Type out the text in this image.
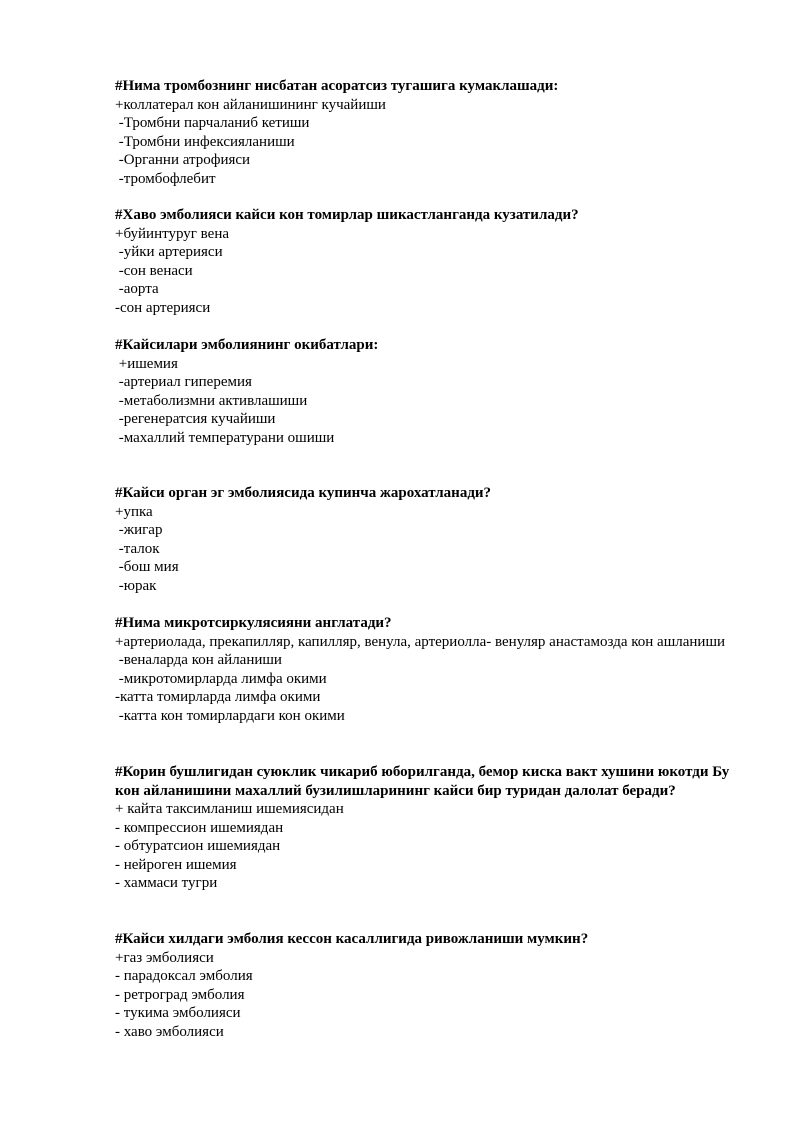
#Нима тромбознинг нисбатан асоратсиз тугашига кумаклашади:

+коллатерал кон айланишининг кучайиши

-Тромбни парчаланиб кетиши

-Тромбни инфексияланиши

-Органни атрофияси

-тромбофлебит

#Хаво эмболияси кайси кон томирлар шикастланганда кузатилади?

+буйинтуруг вена

-уйки артерияси

-сон венаси

-аорта

-сон артерияси

#Кайсилари эмболиянинг окибатлари:

+ишемия

-артериал гиперемия

-метаболизмни активлашиши

-регенератсия кучайиши

-махаллий температурани ошиши

#Кайси орган эг эмболиясида купинча жарохатланади?

+упка

-жигар

-талок

-бош мия

-юрак

#Нима микротсиркулясияни англатади?

+артериолада, прекапилляр, капилляр, венула, артериолла- венуляр анастамозда кон ашланиши

-веналарда кон айланиши

-микротомирларда лимфа окими

-катта томирларда лимфа окими

-катта кон томирлардаги кон окими

#Корин бушлигидан суюклик чикариб юборилганда, бемор киска вакт хушини юкотди Бу кон айланишини махаллий бузилишларининг кайси бир туридан далолат беради?

+ кайта таксимланиш ишемиясидан

- компрессион ишемиядан

- обтуратсион ишемиядан

- нейроген ишемия

- хаммаси тугри

#Кайси хилдаги эмболия кессон касаллигида ривожланиши мумкин?

+газ эмболияси

- парадоксал эмболия

- ретроград эмболия

- тукима эмболияси

- хаво эмболияси
